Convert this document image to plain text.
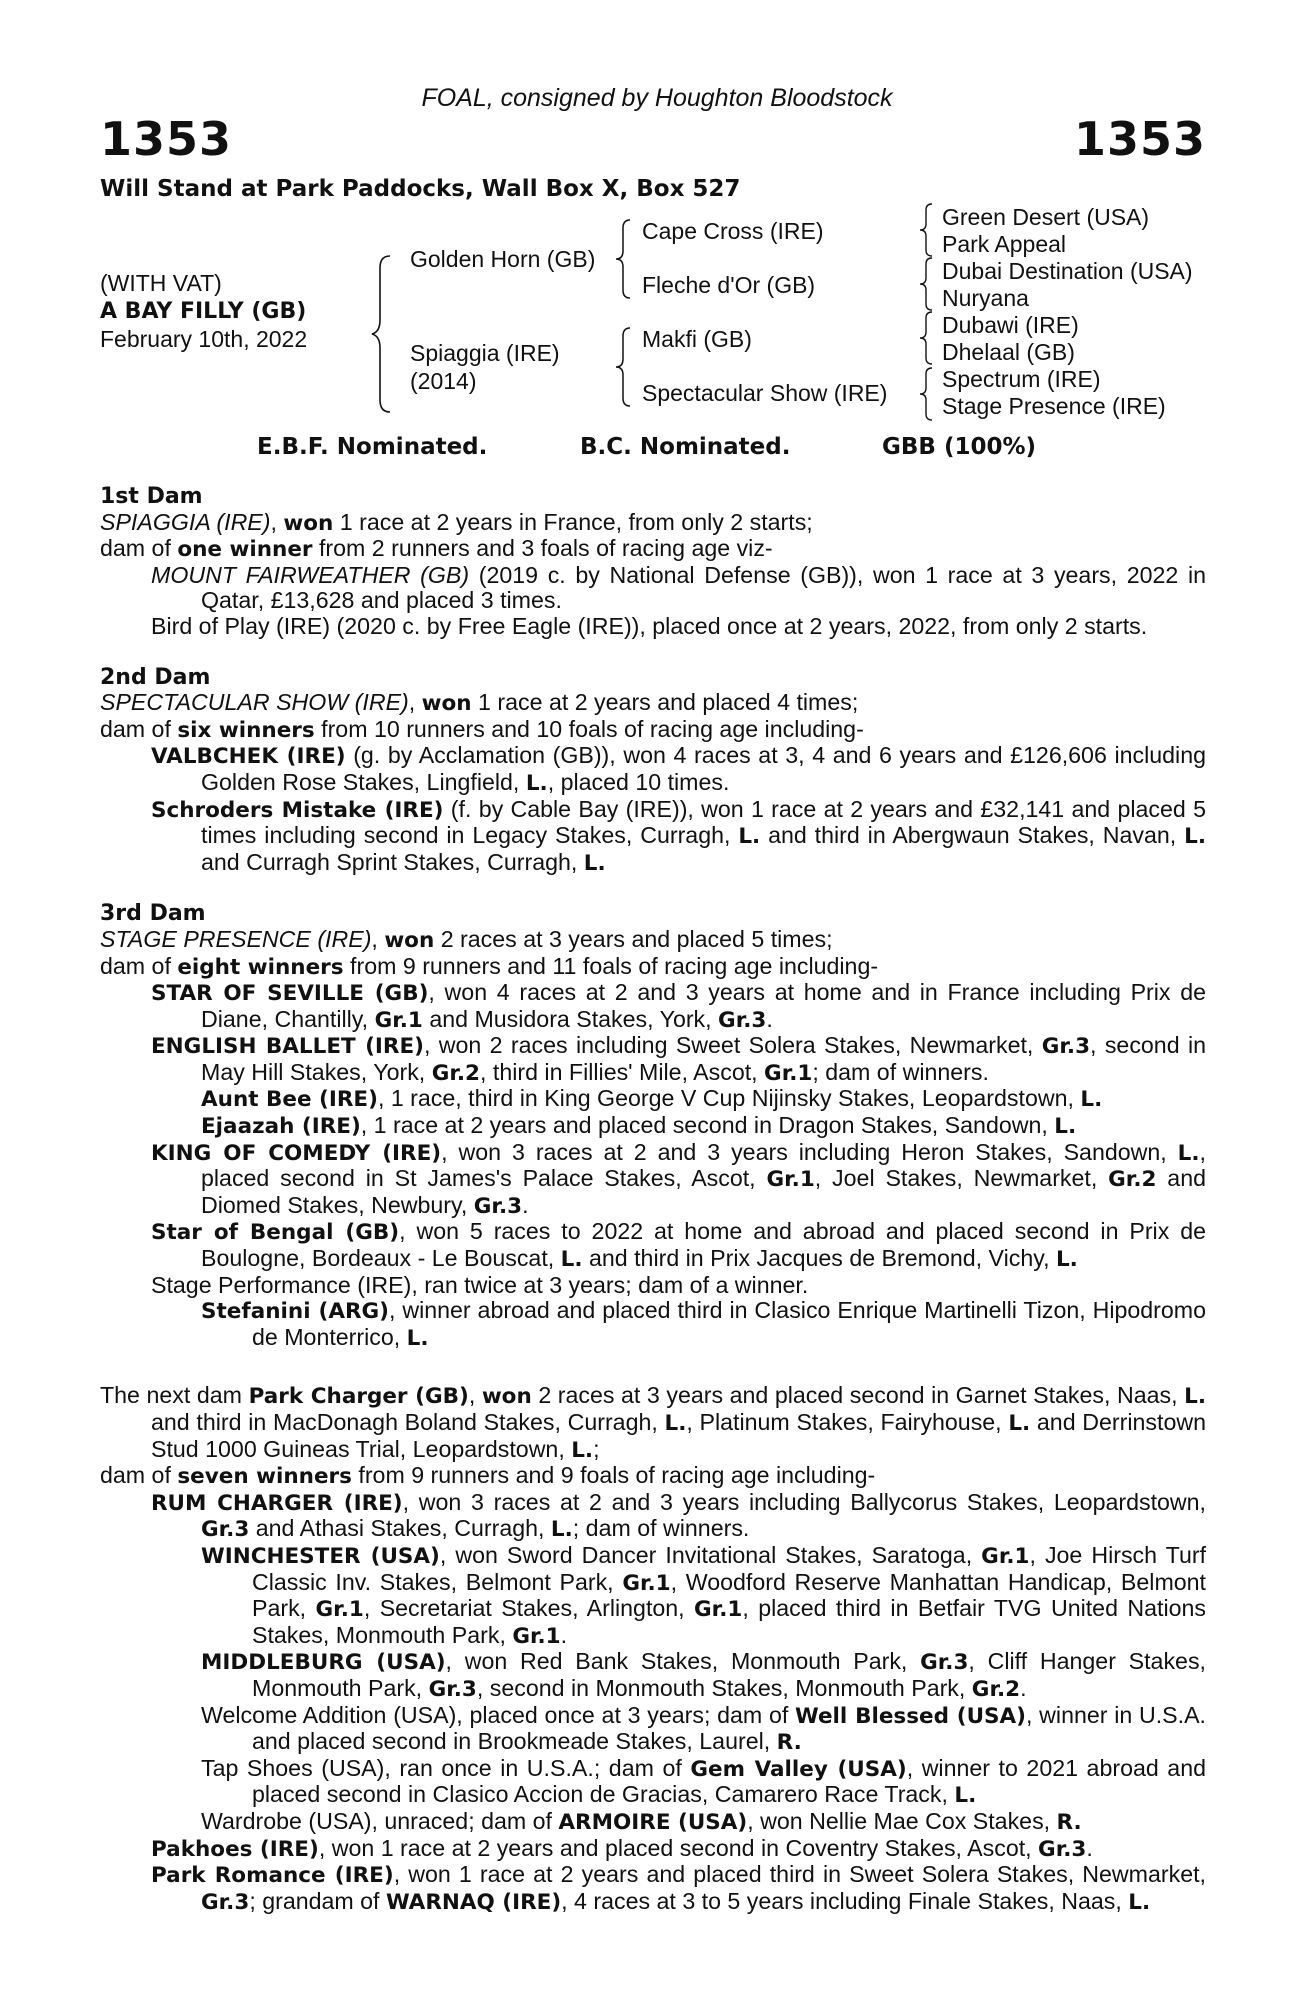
FOAL, consigned by Houghton Bloodstock
1353	1353
Will Stand at Park Paddocks, Wall Box X, Box 527
(WITH VAT)
A BAY FILLY (GB)
February 10th, 2022
Golden Horn (GB)
Spiaggia (IRE)
(2014)
Cape Cross (IRE)
Fleche d'Or (GB)
Makfi (GB)
Spectacular Show (IRE)
Green Desert (USA)
Park Appeal
Dubai Destination (USA)
Nuryana
Dubawi (IRE)
Dhelaal (GB)
Spectrum (IRE)
Stage Presence (IRE)
E.B.F. Nominated.	B.C. Nominated.	GBB (100%)
1st Dam

SPIAGGIA (IRE), won 1 race at 2 years in France, from only 2 starts;

dam of one winner from 2 runners and 3 foals of racing age viz-

MOUNT FAIRWEATHER (GB) (2019 c. by National Defense (GB)), won 1 race at 3 years, 2022 in Qatar, £13,628 and placed 3 times.

Bird of Play (IRE) (2020 c. by Free Eagle (IRE)), placed once at 2 years, 2022, from only 2 starts.

2nd Dam

SPECTACULAR SHOW (IRE), won 1 race at 2 years and placed 4 times;

dam of six winners from 10 runners and 10 foals of racing age including-

VALBCHEK (IRE) (g. by Acclamation (GB)), won 4 races at 3, 4 and 6 years and £126,606 including Golden Rose Stakes, Lingfield, L., placed 10 times.

Schroders Mistake (IRE) (f. by Cable Bay (IRE)), won 1 race at 2 years and £32,141 and placed 5 times including second in Legacy Stakes, Curragh, L. and third in Abergwaun Stakes, Navan, L. and Curragh Sprint Stakes, Curragh, L.

3rd Dam

STAGE PRESENCE (IRE), won 2 races at 3 years and placed 5 times;

dam of eight winners from 9 runners and 11 foals of racing age including-

STAR OF SEVILLE (GB), won 4 races at 2 and 3 years at home and in France including Prix de Diane, Chantilly, Gr.1 and Musidora Stakes, York, Gr.3.

ENGLISH BALLET (IRE), won 2 races including Sweet Solera Stakes, Newmarket, Gr.3, second in May Hill Stakes, York, Gr.2, third in Fillies' Mile, Ascot, Gr.1; dam of winners.

Aunt Bee (IRE), 1 race, third in King George V Cup Nijinsky Stakes, Leopardstown, L.

Ejaazah (IRE), 1 race at 2 years and placed second in Dragon Stakes, Sandown, L.

KING OF COMEDY (IRE), won 3 races at 2 and 3 years including Heron Stakes, Sandown, L., placed second in St James's Palace Stakes, Ascot, Gr.1, Joel Stakes, Newmarket, Gr.2 and Diomed Stakes, Newbury, Gr.3.

Star of Bengal (GB), won 5 races to 2022 at home and abroad and placed second in Prix de Boulogne, Bordeaux - Le Bouscat, L. and third in Prix Jacques de Bremond, Vichy, L.

Stage Performance (IRE), ran twice at 3 years; dam of a winner.

Stefanini (ARG), winner abroad and placed third in Clasico Enrique Martinelli Tizon, Hipodromo de Monterrico, L.

The next dam Park Charger (GB), won 2 races at 3 years and placed second in Garnet Stakes, Naas, L. and third in MacDonagh Boland Stakes, Curragh, L., Platinum Stakes, Fairyhouse, L. and Derrinstown Stud 1000 Guineas Trial, Leopardstown, L.;

dam of seven winners from 9 runners and 9 foals of racing age including-

RUM CHARGER (IRE), won 3 races at 2 and 3 years including Ballycorus Stakes, Leopardstown, Gr.3 and Athasi Stakes, Curragh, L.; dam of winners.

WINCHESTER (USA), won Sword Dancer Invitational Stakes, Saratoga, Gr.1, Joe Hirsch Turf Classic Inv. Stakes, Belmont Park, Gr.1, Woodford Reserve Manhattan Handicap, Belmont Park, Gr.1, Secretariat Stakes, Arlington, Gr.1, placed third in Betfair TVG United Nations Stakes, Monmouth Park, Gr.1.

MIDDLEBURG (USA), won Red Bank Stakes, Monmouth Park, Gr.3, Cliff Hanger Stakes, Monmouth Park, Gr.3, second in Monmouth Stakes, Monmouth Park, Gr.2.

Welcome Addition (USA), placed once at 3 years; dam of Well Blessed (USA), winner in U.S.A. and placed second in Brookmeade Stakes, Laurel, R.

Tap Shoes (USA), ran once in U.S.A.; dam of Gem Valley (USA), winner to 2021 abroad and placed second in Clasico Accion de Gracias, Camarero Race Track, L.

Wardrobe (USA), unraced; dam of ARMOIRE (USA), won Nellie Mae Cox Stakes, R.

Pakhoes (IRE), won 1 race at 2 years and placed second in Coventry Stakes, Ascot, Gr.3.

Park Romance (IRE), won 1 race at 2 years and placed third in Sweet Solera Stakes, Newmarket, Gr.3; grandam of WARNAQ (IRE), 4 races at 3 to 5 years including Finale Stakes, Naas, L.
